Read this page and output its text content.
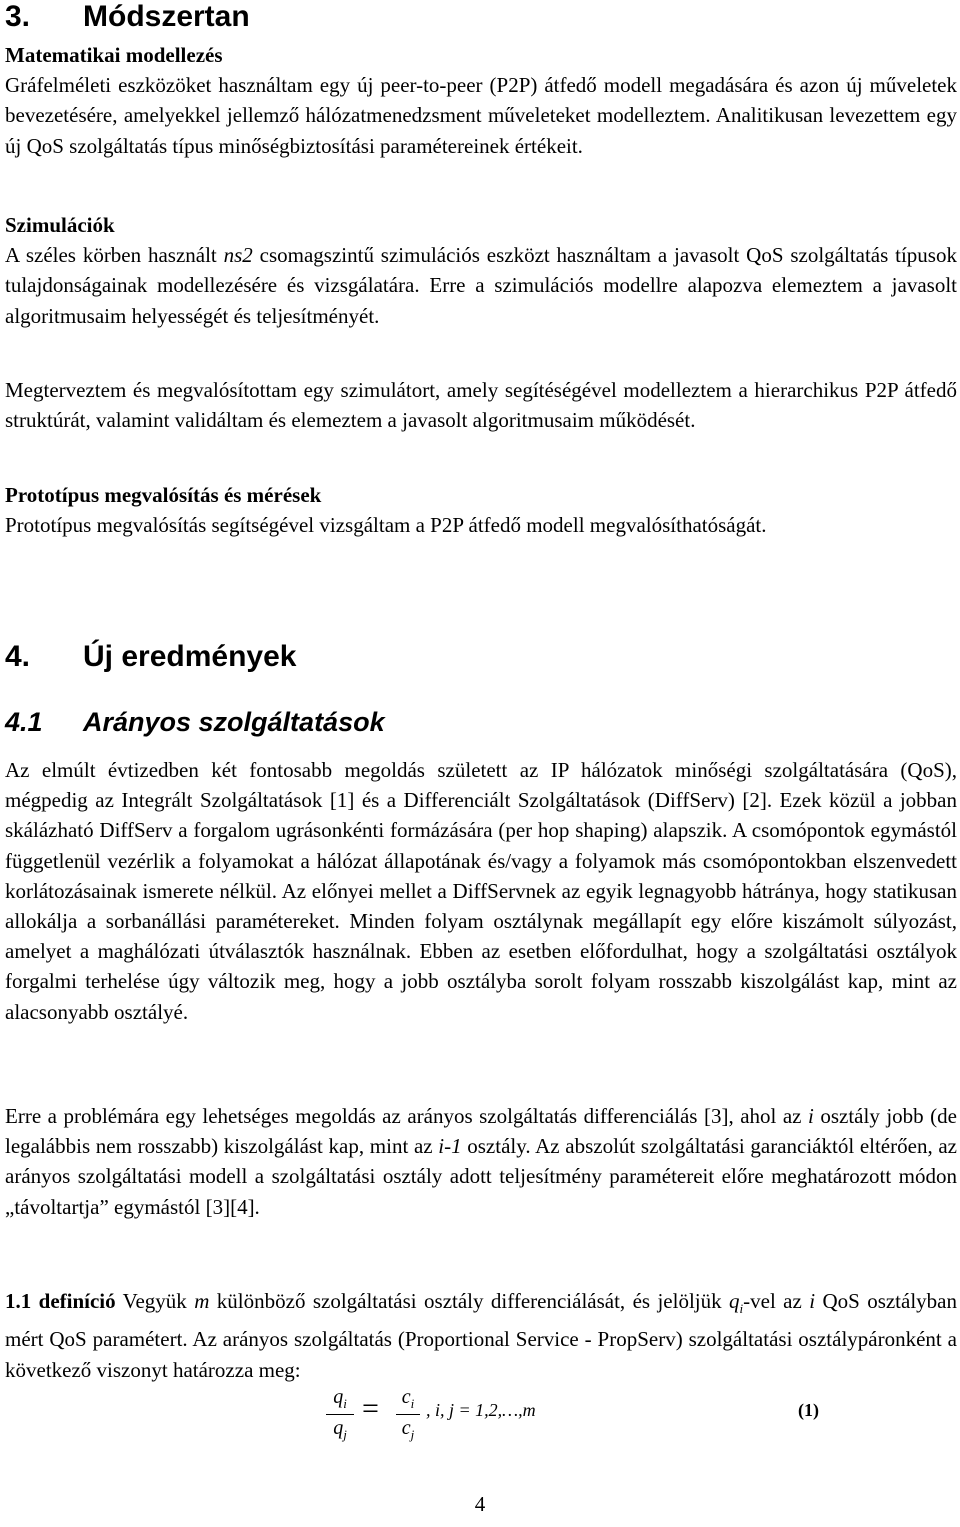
3. Módszertan
Matematikai modellezés

Gráfelméleti eszközöket használtam egy új peer-to-peer (P2P) átfedő modell megadására és azon új műveletek bevezetésére, amelyekkel jellemző hálózatmenedzsment műveleteket modelleztem. Analitikusan levezettem egy új QoS szolgáltatás típus minőségbiztosítási paramétereinek értékeit.

Szimulációk

A széles körben használt ns2 csomagszintű szimulációs eszközt használtam a javasolt QoS szolgáltatás típusok tulajdonságainak modellezésére és vizsgálatára. Erre a szimulációs modellre alapozva elemeztem a javasolt algoritmusaim helyességét és teljesítményét.

Megterveztem és megvalósítottam egy szimulátort, amely segítéségével modelleztem a hierarchikus P2P átfedő struktúrát, valamint validáltam és elemeztem a javasolt algoritmusaim működését.

Prototípus megvalósítás és mérések

Prototípus megvalósítás segítségével vizsgáltam a P2P átfedő modell megvalósíthatóságát.

4. Új eredmények
4.1 Arányos szolgáltatások

Az elmúlt évtizedben két fontosabb megoldás született az IP hálózatok minőségi szolgáltatására (QoS), mégpedig az Integrált Szolgáltatások [1] és a Differenciált Szolgáltatások (DiffServ) [2]. Ezek közül a jobban skálázható DiffServ a forgalom ugrásonkénti formázására (per hop shaping) alapszik. A csomópontok egymástól függetlenül vezérlik a folyamokat a hálózat állapotának és/vagy a folyamok más csomópontokban elszenvedett korlátozásainak ismerete nélkül. Az előnyei mellet a DiffServnek az egyik legnagyobb hátránya, hogy statikusan allokálja a sorbanállási paramétereket. Minden folyam osztálynak megállapít egy előre kiszámolt súlyozást, amelyet a maghálózati útválasztók használnak. Ebben az esetben előfordulhat, hogy a szolgáltatási osztályok forgalmi terhelése úgy változik meg, hogy a jobb osztályba sorolt folyam rosszabb kiszolgálást kap, mint az alacsonyabb osztályé.

Erre a problémára egy lehetséges megoldás az arányos szolgáltatás differenciálás [3], ahol az i osztály jobb (de legalábbis nem rosszabb) kiszolgálást kap, mint az i-1 osztály. Az abszolút szolgáltatási garanciáktól eltérően, az arányos szolgáltatási modell a szolgáltatási osztály adott teljesítmény paramétereit előre meghatározott módon „távoltartja” egymástól [3][4].

1.1 definíció Vegyük m különböző szolgáltatási osztály differenciálását, és jelöljük $q_i$-vel az i QoS osztályban mért QoS paramétert. Az arányos szolgáltatás (Proportional Service - PropServ) szolgáltatási osztálypáronként a következő viszonyt határozza meg:

$q_i$
$q_j$
= $c_i$
$c_j$
, i, j = 1,2,…,m	(1)
4
